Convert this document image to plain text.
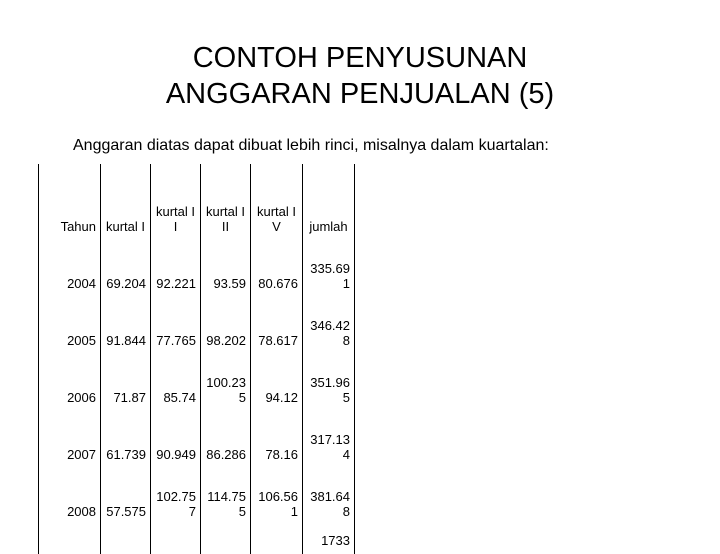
CONTOH PENYUSUNAN
ANGGARAN PENJUALAN (5)
Anggaran diatas dapat dibuat lebih rinci, misalnya dalam kuartalan:
Tahun	kurtal I	kurtal II	kurtal III	kurtal IV	jumlah
2004	69.204	92.221	93.59	80.676	335.691
2005	91.844	77.765	98.202	78.617	346.428
2006	71.87	85.74	100.235	94.12	351.965
2007	61.739	90.949	86.286	78.16	317.134
2008	57.575	102.757	114.755	106.561	381.648
					1733
